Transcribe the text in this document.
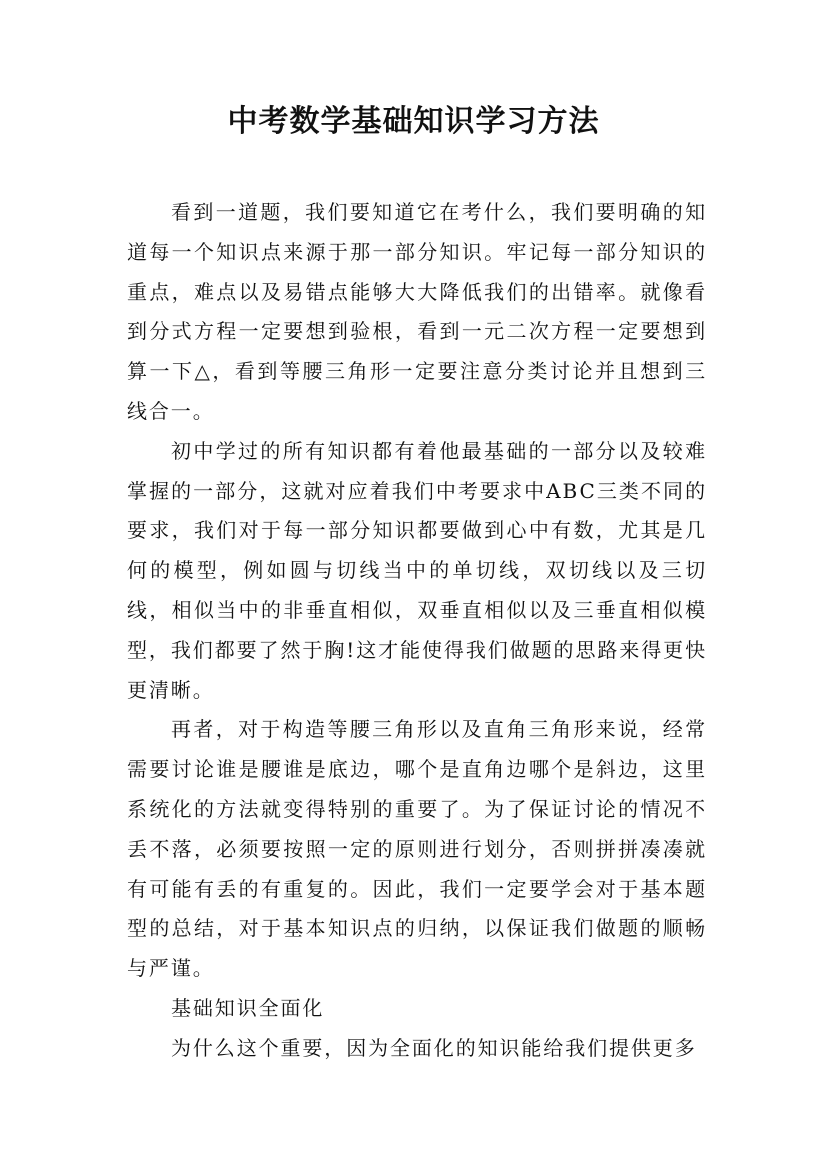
中考数学基础知识学习方法

看到一道题，我们要知道它在考什么，我们要明确的知道每一个知识点来源于那一部分知识。牢记每一部分知识的重点，难点以及易错点能够大大降低我们的出错率。就像看到分式方程一定要想到验根，看到一元二次方程一定要想到算一下△，看到等腰三角形一定要注意分类讨论并且想到三线合一。

初中学过的所有知识都有着他最基础的一部分以及较难掌握的一部分，这就对应着我们中考要求中ABC三类不同的要求，我们对于每一部分知识都要做到心中有数，尤其是几何的模型，例如圆与切线当中的单切线，双切线以及三切线，相似当中的非垂直相似，双垂直相似以及三垂直相似模型，我们都要了然于胸!这才能使得我们做题的思路来得更快更清晰。

再者，对于构造等腰三角形以及直角三角形来说，经常需要讨论谁是腰谁是底边，哪个是直角边哪个是斜边，这里系统化的方法就变得特别的重要了。为了保证讨论的情况不丢不落，必须要按照一定的原则进行划分，否则拼拼凑凑就有可能有丢的有重复的。因此，我们一定要学会对于基本题型的总结，对于基本知识点的归纳，以保证我们做题的顺畅与严谨。

基础知识全面化

为什么这个重要，因为全面化的知识能给我们提供更多
